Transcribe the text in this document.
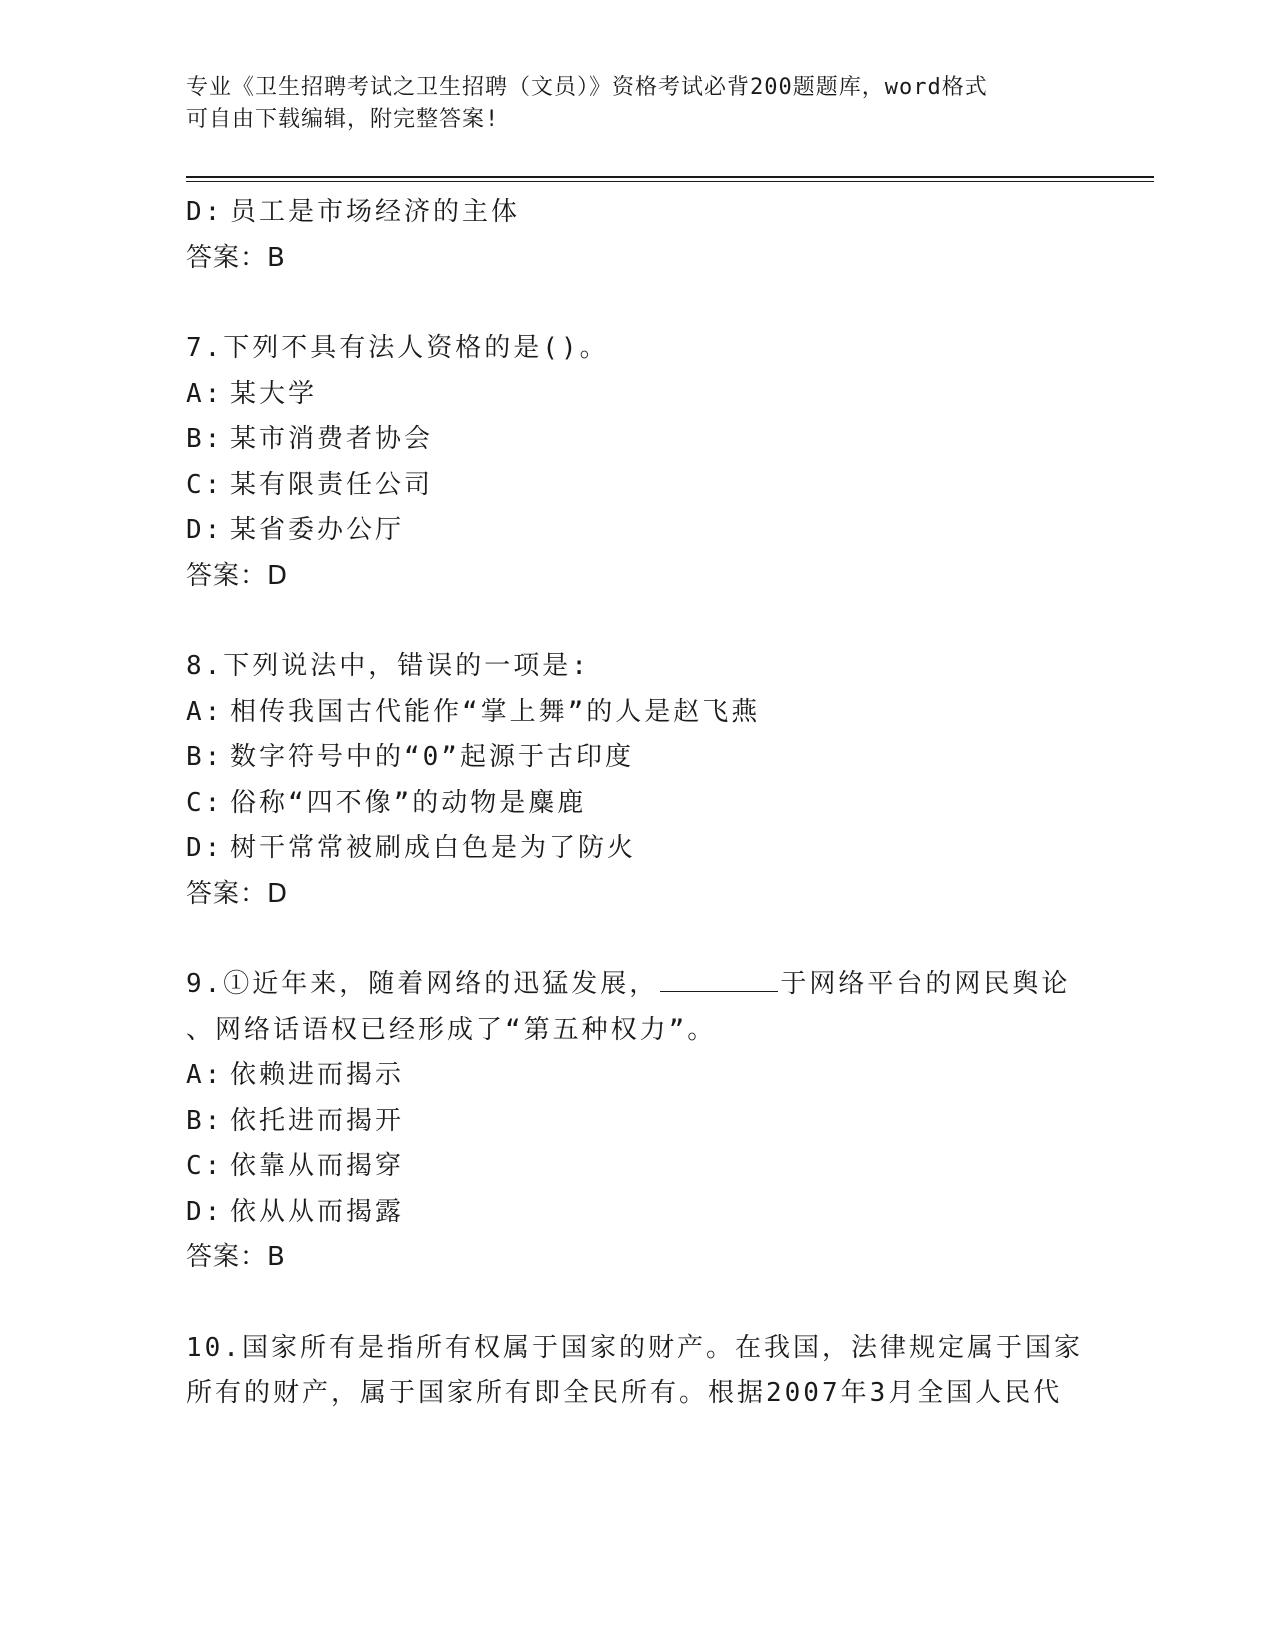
专业《卫生招聘考试之卫生招聘（文员）》资格考试必背200题题库，word格式
可自由下载编辑，附完整答案!
D: 员工是市场经济的主体
答案：B
7.下列不具有法人资格的是()。
A: 某大学
B: 某市消费者协会
C: 某有限责任公司
D: 某省委办公厅
答案：D
8.下列说法中，错误的一项是:
A: 相传我国古代能作“掌上舞”的人是赵飞燕
B: 数字符号中的“0”起源于古印度
C: 俗称“四不像”的动物是麋鹿
D: 树干常常被刷成白色是为了防火
答案：D
9.①近年来，随着网络的迅猛发展，	于网络平台的网民舆论
、网络话语权已经形成了“第五种权力”。
A: 依赖进而揭示
B: 依托进而揭开
C: 依靠从而揭穿
D: 依从从而揭露
答案：B
10.国家所有是指所有权属于国家的财产。在我国，法律规定属于国家
所有的财产，属于国家所有即全民所有。根据2007年3月全国人民代
